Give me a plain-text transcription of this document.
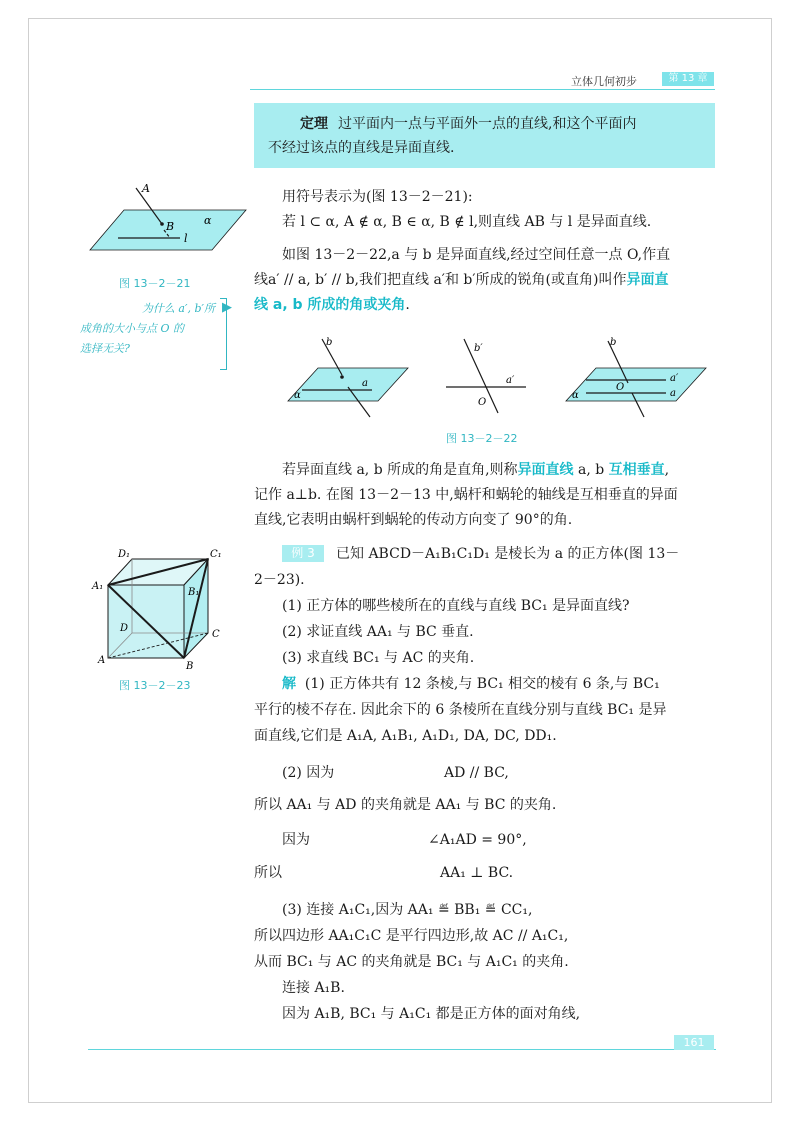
立体几何初步	第 13 章
定理 过平面内一点与平面外一点的直线,和这个平面内
不经过该点的直线是异面直线.
A
B	α
l
图 13－2－21
为什么 a′, b′所
成角的大小与点 O 的
选择无关?
▶
用符号表示为(图 13－2－21):
若 l ⊂ α, A ∉ α, B ∈ α, B ∉ l,则直线 AB 与 l 是异面直线.
如图 13－2－22,a 与 b 是异面直线,经过空间任意一点 O,作直
线a′ // a, b′ // b,我们把直线 a′和 b′所成的锐角(或直角)叫作异面直
线 a, b 所成的角或夹角.
b
a
α
b′
a′
O
b
a′
a
O
α
图 13－2－22
若异面直线 a, b 所成的角是直角,则称异面直线 a, b 互相垂直,
记作 a⊥b. 在图 13－2－13 中,蜗杆和蜗轮的轴线是互相垂直的异面
直线,它表明由蜗杆到蜗轮的传动方向变了 90°的角.
D₁	C₁
A₁
B₁
D
C
A
B
图 13－2－23
例 3	已知 ABCD－A₁B₁C₁D₁ 是棱长为 a 的正方体(图 13－
2－23).
(1) 正方体的哪些棱所在的直线与直线 BC₁ 是异面直线?
(2) 求证直线 AA₁ 与 BC 垂直.
(3) 求直线 BC₁ 与 AC 的夹角.
解 (1) 正方体共有 12 条棱,与 BC₁ 相交的棱有 6 条,与 BC₁
平行的棱不存在. 因此余下的 6 条棱所在直线分别与直线 BC₁ 是异
面直线,它们是 A₁A, A₁B₁, A₁D₁, DA, DC, DD₁.
(2) 因为	AD // BC,
所以 AA₁ 与 AD 的夹角就是 AA₁ 与 BC 的夹角.
因为	∠A₁AD = 90°,
所以	AA₁ ⊥ BC.
(3) 连接 A₁C₁,因为 AA₁ ≝ BB₁ ≝ CC₁,
所以四边形 AA₁C₁C 是平行四边形,故 AC // A₁C₁,
从而 BC₁ 与 AC 的夹角就是 BC₁ 与 A₁C₁ 的夹角.
连接 A₁B.
因为 A₁B, BC₁ 与 A₁C₁ 都是正方体的面对角线,
161
